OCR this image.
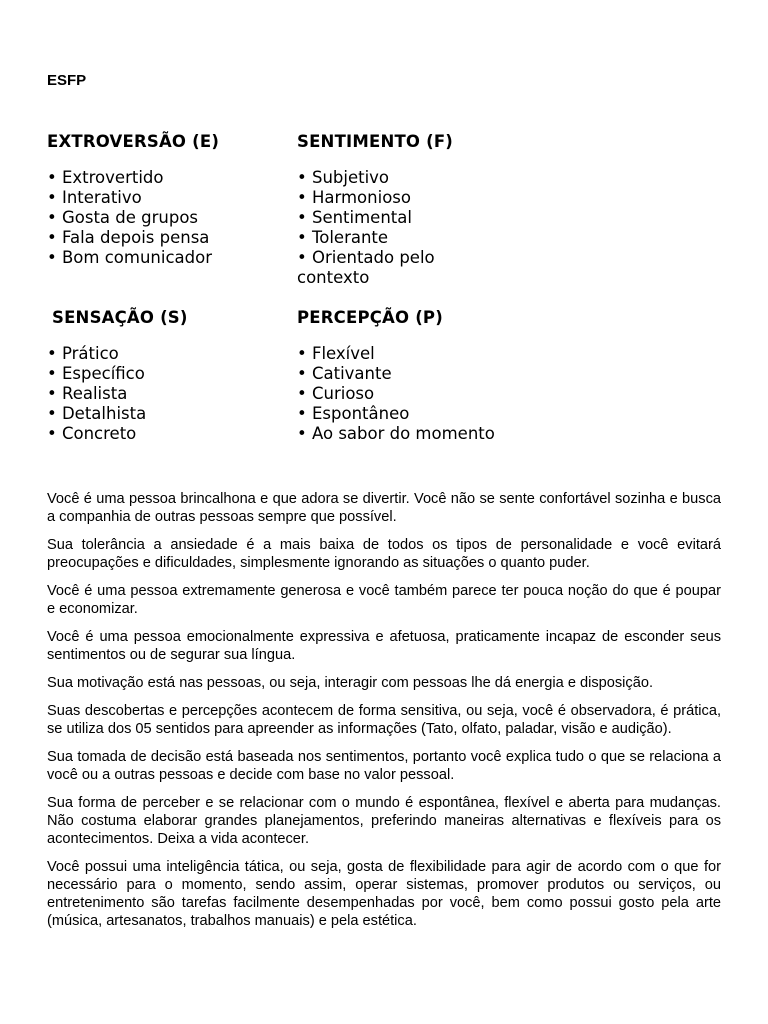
ESFP
EXTROVERSÃO (E)
• Extrovertido
• Interativo
• Gosta de grupos
• Fala depois pensa
• Bom comunicador
SENTIMENTO (F)
• Subjetivo
• Harmonioso
• Sentimental
• Tolerante
• Orientado pelo contexto
SENSAÇÃO (S)
• Prático
• Específico
• Realista
• Detalhista
• Concreto
PERCEPÇÃO (P)
• Flexível
• Cativante
• Curioso
• Espontâneo
• Ao sabor do momento

Você é uma pessoa brincalhona e que adora se divertir. Você não se sente confortável sozinha e busca a companhia de outras pessoas sempre que possível.

Sua tolerância a ansiedade é a mais baixa de todos os tipos de personalidade e você evitará preocupações e dificuldades, simplesmente ignorando as situações o quanto puder.

Você é uma pessoa extremamente generosa e você também parece ter pouca noção do que é poupar e economizar.

Você é uma pessoa emocionalmente expressiva e afetuosa, praticamente incapaz de esconder seus sentimentos ou de segurar sua língua.

Sua motivação está nas pessoas, ou seja, interagir com pessoas lhe dá energia e disposição.

Suas descobertas e percepções acontecem de forma sensitiva, ou seja, você é observadora, é prática, se utiliza dos 05 sentidos para apreender as informações (Tato, olfato, paladar, visão e audição).

Sua tomada de decisão está baseada nos sentimentos, portanto você explica tudo o que se relaciona a você ou a outras pessoas e decide com base no valor pessoal.

Sua forma de perceber e se relacionar com o mundo é espontânea, flexível e aberta para mudanças. Não costuma elaborar grandes planejamentos, preferindo maneiras alternativas e flexíveis para os acontecimentos. Deixa a vida acontecer.

Você possui uma inteligência tática, ou seja, gosta de flexibilidade para agir de acordo com o que for necessário para o momento, sendo assim, operar sistemas, promover produtos ou serviços, ou entretenimento são tarefas facilmente desempenhadas por você, bem como possui gosto pela arte (música, artesanatos, trabalhos manuais) e pela estética.
